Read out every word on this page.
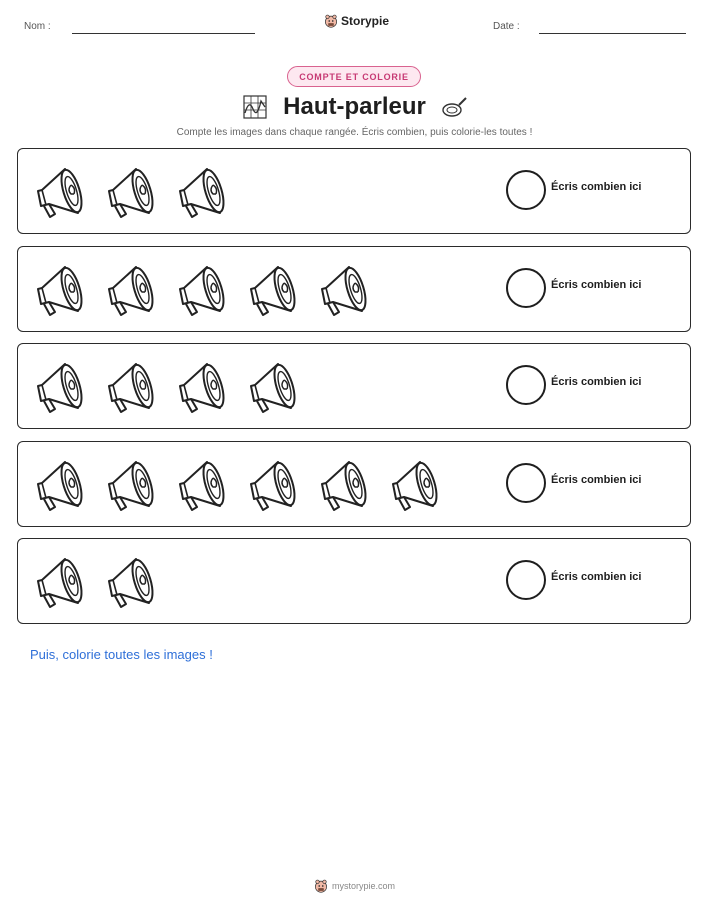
Nom :	Storypie	Date :
COMPTE ET COLORIE
Haut-parleur
Compte les images dans chaque rangée. Écris combien, puis colorie-les toutes !
Écris combien ici
Écris combien ici
Écris combien ici
Écris combien ici
Écris combien ici
Puis, colorie toutes les images !
mystorypie.com
